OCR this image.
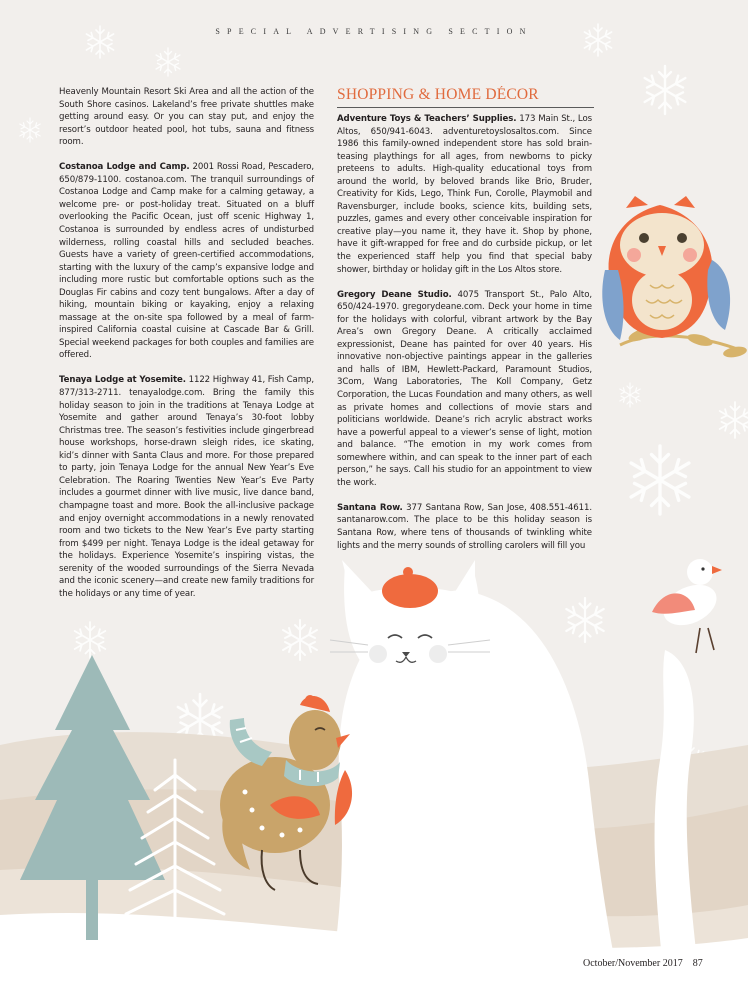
SPECIAL ADVERTISING SECTION

Heavenly Mountain Resort Ski Area and all the action of the South Shore casinos. Lakeland’s free private shuttles make getting around easy. Or you can stay put, and enjoy the resort’s outdoor heated pool, hot tubs, sauna and fitness room.

Costanoa Lodge and Camp. 2001 Rossi Road, Pescadero, 650/879-1100. costanoa.com. The tranquil surroundings of Costanoa Lodge and Camp make for a calming getaway, a welcome pre- or post-holiday treat. Situated on a bluff overlooking the Pacific Ocean, just off scenic Highway 1, Costanoa is surrounded by endless acres of undisturbed wilderness, rolling coastal hills and secluded beaches. Guests have a variety of green-certified accommodations, starting with the luxury of the camp’s expansive lodge and including more rustic but comfortable options such as the Douglas Fir cabins and cozy tent bungalows. After a day of hiking, mountain biking or kayaking, enjoy a relaxing massage at the on-site spa followed by a meal of farm-inspired California coastal cuisine at Cascade Bar & Grill. Special weekend packages for both couples and families are offered.

Tenaya Lodge at Yosemite. 1122 Highway 41, Fish Camp, 877/313-2711. tenayalodge.com. Bring the family this holiday season to join in the traditions at Tenaya Lodge at Yosemite and gather around Tenaya’s 30-foot lobby Christmas tree. The season’s festivities include gingerbread house workshops, horse-drawn sleigh rides, ice skating, kid’s dinner with Santa Claus and more. For those prepared to party, join Tenaya Lodge for the annual New Year’s Eve Celebration. The Roaring Twenties New Year’s Eve Party includes a gourmet dinner with live music, live dance band, champagne toast and more. Book the all-inclusive package and enjoy overnight accommodations in a newly renovated room and two tickets to the New Year’s Eve party starting from $499 per night. Tenaya Lodge is the ideal getaway for the holidays. Experience Yosemite’s inspiring vistas, the serenity of the wooded surroundings of the Sierra Nevada and the iconic scenery—and create new family traditions for the holidays or any time of year.

SHOPPING & HOME DÉCOR

Adventure Toys & Teachers’ Supplies. 173 Main St., Los Altos, 650/941-6043. adventuretoyslosaltos.com. Since 1986 this family-owned independent store has sold brain-teasing playthings for all ages, from newborns to picky preteens to adults. High-quality educational toys from around the world, by beloved brands like Brio, Bruder, Creativity for Kids, Lego, Think Fun, Corolle, Playmobil and Ravensburger, include books, science kits, building sets, puzzles, games and every other conceivable inspiration for creative play—you name it, they have it. Shop by phone, have it gift-wrapped for free and do curbside pickup, or let the experienced staff help you find that special baby shower, birthday or holiday gift in the Los Altos store.

Gregory Deane Studio. 4075 Transport St., Palo Alto, 650/424-1970. gregorydeane.com. Deck your home in time for the holidays with colorful, vibrant artwork by the Bay Area’s own Gregory Deane. A critically acclaimed expressionist, Deane has painted for over 40 years. His innovative non-objective paintings appear in the galleries and halls of IBM, Hewlett-Packard, Paramount Studios, 3Com, Wang Laboratories, The Koll Company, Getz Corporation, the Lucas Foundation and many others, as well as private homes and collections of movie stars and politicians worldwide. Deane’s rich acrylic abstract works have a powerful appeal to a viewer’s sense of light, motion and balance. “The emotion in my work comes from somewhere within, and can speak to the inner part of each person,” he says. Call his studio for an appointment to view the work.

Santana Row. 377 Santana Row, San Jose, 408.551-4611. santanarow.com. The place to be this holiday season is Santana Row, where tens of thousands of twinkling white lights and the merry sounds of strolling carolers will fill you

October/November 2017 87
